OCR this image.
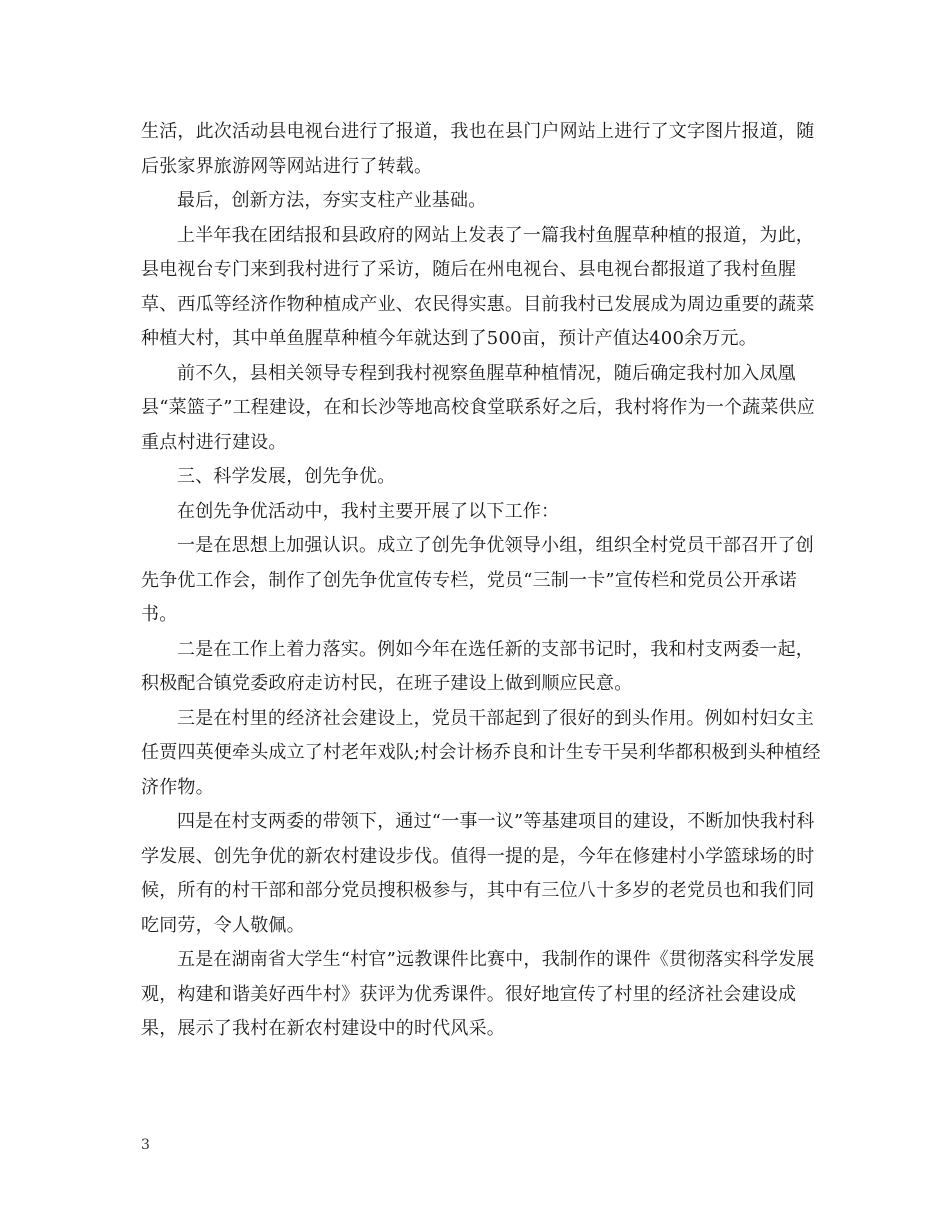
生活，此次活动县电视台进行了报道，我也在县门户网站上进行了文字图片报道，随后张家界旅游网等网站进行了转载。

最后，创新方法，夯实支柱产业基础。

上半年我在团结报和县政府的网站上发表了一篇我村鱼腥草种植的报道，为此，县电视台专门来到我村进行了采访，随后在州电视台、县电视台都报道了我村鱼腥草、西瓜等经济作物种植成产业、农民得实惠。目前我村已发展成为周边重要的蔬菜种植大村，其中单鱼腥草种植今年就达到了500亩，预计产值达400余万元。

前不久，县相关领导专程到我村视察鱼腥草种植情况，随后确定我村加入凤凰县“菜篮子”工程建设，在和长沙等地高校食堂联系好之后，我村将作为一个蔬菜供应重点村进行建设。

三、科学发展，创先争优。

在创先争优活动中，我村主要开展了以下工作：

一是在思想上加强认识。成立了创先争优领导小组，组织全村党员干部召开了创先争优工作会，制作了创先争优宣传专栏，党员“三制一卡”宣传栏和党员公开承诺书。

二是在工作上着力落实。例如今年在选任新的支部书记时，我和村支两委一起，积极配合镇党委政府走访村民，在班子建设上做到顺应民意。

三是在村里的经济社会建设上，党员干部起到了很好的到头作用。例如村妇女主任贾四英便牵头成立了村老年戏队;村会计杨乔良和计生专干吴利华都积极到头种植经济作物。

四是在村支两委的带领下，通过“一事一议”等基建项目的建设，不断加快我村科学发展、创先争优的新农村建设步伐。值得一提的是，今年在修建村小学篮球场的时候，所有的村干部和部分党员搜积极参与，其中有三位八十多岁的老党员也和我们同吃同劳，令人敬佩。

五是在湖南省大学生“村官”远教课件比赛中，我制作的课件《贯彻落实科学发展观，构建和谐美好西牛村》获评为优秀课件。很好地宣传了村里的经济社会建设成果，展示了我村在新农村建设中的时代风采。

3
